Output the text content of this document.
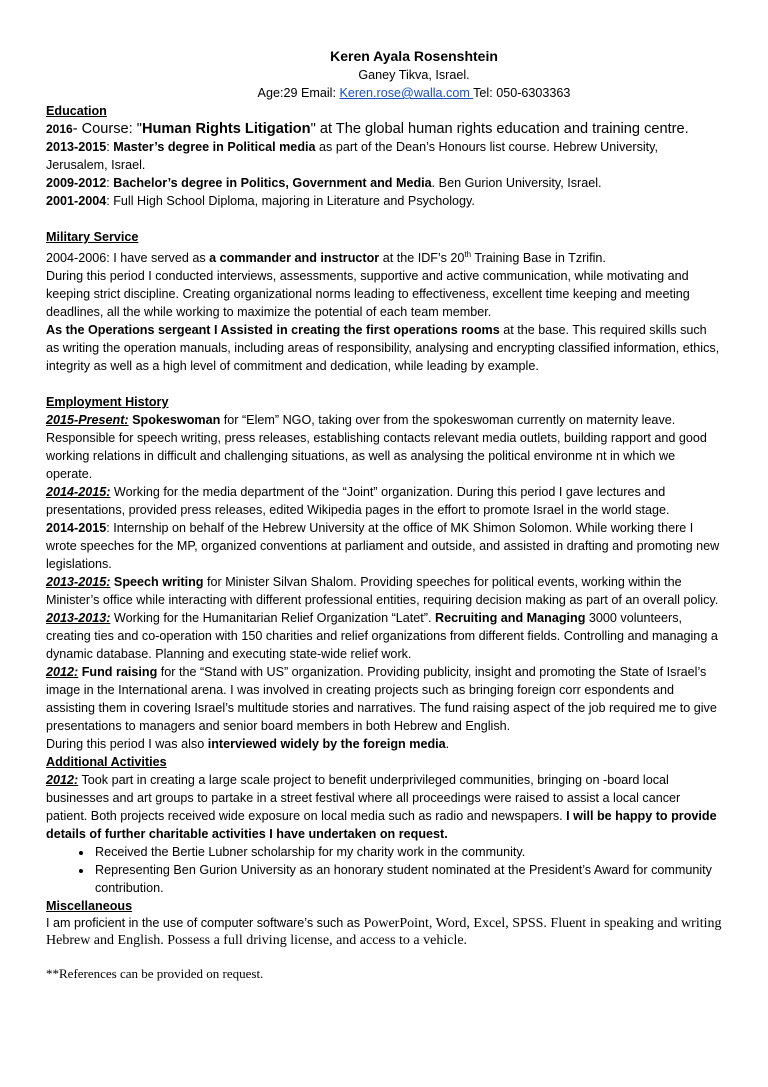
Keren Ayala Rosenshtein
Ganey Tikva, Israel.
Age:29 Email: Keren.rose@walla.com Tel: 050-6303363
Education
2016- Course: "Human Rights Litigation" at The global human rights education and training centre.

2013-2015: Master’s degree in Political media as part of the Dean’s Honours list course. Hebrew University, Jerusalem, Israel.

2009-2012: Bachelor’s degree in Politics, Government and Media. Ben Gurion University, Israel.

2001-2004: Full High School Diploma, majoring in Literature and Psychology.

Military Service

2004-2006: I have served as a commander and instructor at the IDF’s 20th Training Base in Tzrifin.

During this period I conducted interviews, assessments, supportive and active communication, while motivating and keeping strict discipline. Creating organizational norms leading to effectiveness, excellent time keeping and meeting deadlines, all the while working to maximize the potential of each team member.

As the Operations sergeant I Assisted in creating the first operations rooms at the base. This required skills such as writing the operation manuals, including areas of responsibility, analysing and encrypting classified information, ethics, integrity as well as a high level of commitment and dedication, while leading by example.

Employment History

2015-Present: Spokeswoman for “Elem” NGO, taking over from the spokeswoman currently on maternity leave. Responsible for speech writing, press releases, establishing contacts relevant media outlets, building rapport and good working relations in difficult and challenging situations, as well as analysing the political environme nt in which we operate.

2014-2015: Working for the media department of the “Joint” organization. During this period I gave lectures and presentations, provided press releases, edited Wikipedia pages in the effort to promote Israel in the world stage.

2014-2015: Internship on behalf of the Hebrew University at the office of MK Shimon Solomon. While working there I wrote speeches for the MP, organized conventions at parliament and outside, and assisted in drafting and promoting new legislations.

2013-2015: Speech writing for Minister Silvan Shalom. Providing speeches for political events, working within the Minister’s office while interacting with different professional entities, requiring decision making as part of an overall policy.

2013-2013: Working for the Humanitarian Relief Organization “Latet”. Recruiting and Managing 3000 volunteers, creating ties and co-operation with 150 charities and relief organizations from different fields. Controlling and managing a dynamic database. Planning and executing state-wide relief work.

2012: Fund raising for the “Stand with US” organization. Providing publicity, insight and promoting the State of Israel’s image in the International arena. I was involved in creating projects such as bringing foreign corr espondents and assisting them in covering Israel’s multitude stories and narratives. The fund raising aspect of the job required me to give presentations to managers and senior board members in both Hebrew and English.

During this period I was also interviewed widely by the foreign media.

Additional Activities

2012: Took part in creating a large scale project to benefit underprivileged communities, bringing on -board local businesses and art groups to partake in a street festival where all proceedings were raised to assist a local cancer patient. Both projects received wide exposure on local media such as radio and newspapers. I will be happy to provide details of further charitable activities I have undertaken on request.

• Received the Bertie Lubner scholarship for my charity work in the community.
• Representing Ben Gurion University as an honorary student nominated at the President’s Award for community contribution.
Miscellaneous

I am proficient in the use of computer software’s such as PowerPoint, Word, Excel, SPSS. Fluent in speaking and writing Hebrew and English. Possess a full driving license, and access to a vehicle.

**References can be provided on request.
